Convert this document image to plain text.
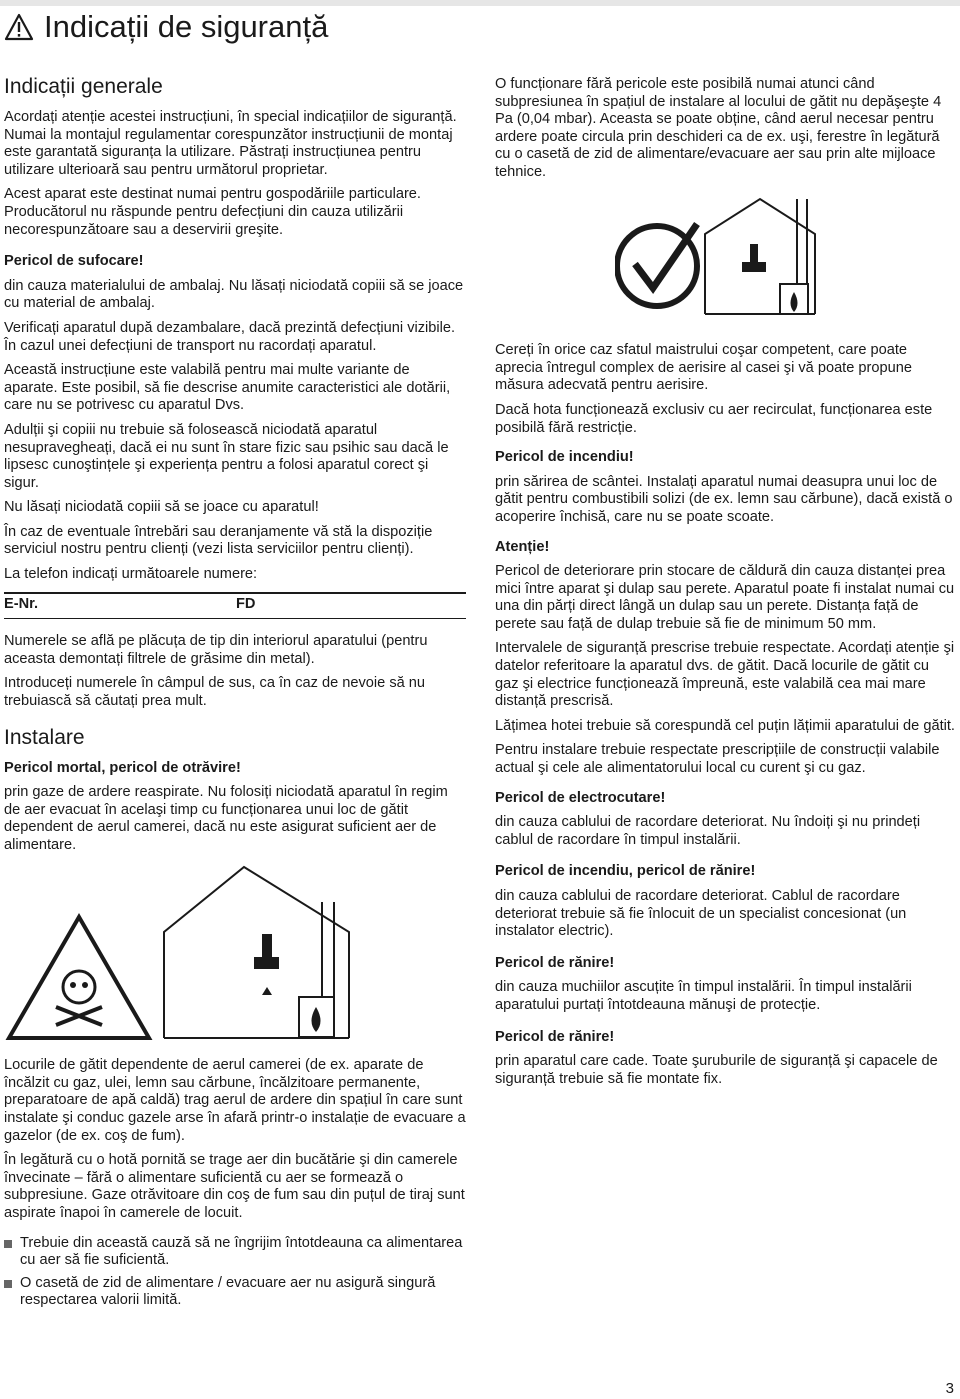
Indicații de siguranță
Indicații generale

Acordați atenție acestei instrucțiuni, în special indicațiilor de siguranță. Numai la montajul regulamentar corespunzător instrucțiunii de montaj este garantată siguranța la utilizare. Păstrați instrucțiunea pentru utilizare ulterioară sau pentru următorul proprietar.

Acest aparat este destinat numai pentru gospodăriile particulare. Producătorul nu răspunde pentru defecțiuni din cauza utilizării necorespunzătoare sau a deservirii greşite.

Pericol de sufocare!

din cauza materialului de ambalaj. Nu lăsați niciodată copiii să se joace cu material de ambalaj.

Verificați aparatul după dezambalare, dacă prezintă defecțiuni vizibile. În cazul unei defecțiuni de transport nu racordați aparatul.

Această instrucțiune este valabilă pentru mai multe variante de aparate. Este posibil, să fie descrise anumite caracteristici ale dotării, care nu se potrivesc cu aparatul Dvs.

Adulții şi copiii nu trebuie să folosească niciodată aparatul nesupravegheați, dacă ei nu sunt în stare fizic sau psihic sau dacă le lipsesc cunoştințele şi experiența pentru a folosi aparatul corect şi sigur.

Nu lăsați niciodată copiii să se joace cu aparatul!

În caz de eventuale întrebări sau deranjamente vă stă la dispoziție serviciul nostru pentru clienți (vezi lista serviciilor pentru clienți).

La telefon indicați următoarele numere:

E-Nr.	FD

Numerele se află pe plăcuța de tip din interiorul aparatului (pentru aceasta demontați filtrele de grăsime din metal).

Introduceți numerele în câmpul de sus, ca în caz de nevoie să nu trebuiască să căutați prea mult.

Instalare
Pericol mortal, pericol de otrăvire!

prin gaze de ardere reaspirate. Nu folosiți niciodată aparatul în regim de aer evacuat în acelaşi timp cu funcționarea unui loc de gătit dependent de aerul camerei, dacă nu este asigurat suficient aer de alimentare.

Locurile de gătit dependente de aerul camerei (de ex. aparate de încălzit cu gaz, ulei, lemn sau cărbune, încălzitoare permanente, preparatoare de apă caldă) trag aerul de ardere din spațiul în care sunt instalate şi conduc gazele arse în afară printr-o instalație de evacuare a gazelor (de ex. coş de fum).

În legătură cu o hotă pornită se trage aer din bucătărie şi din camerele învecinate – fără o alimentare suficientă cu aer se formează o subpresiune. Gaze otrăvitoare din coş de fum sau din puțul de tiraj sunt aspirate înapoi în camerele de locuit.

Trebuie din această cauză să ne îngrijim întotdeauna ca alimentarea cu aer să fie suficientă.
O casetă de zid de alimentare / evacuare aer nu asigură singură respectarea valorii limită.

O funcționare fără pericole este posibilă numai atunci când subpresiunea în spațiul de instalare al locului de gătit nu depăşeşte 4 Pa (0,04 mbar). Aceasta se poate obține, când aerul necesar pentru ardere poate circula prin deschideri ca de ex. uşi, ferestre în legătură cu o casetă de zid de alimentare/evacuare aer sau prin alte mijloace tehnice.

Cereți în orice caz sfatul maistrului coşar competent, care poate aprecia întregul complex de aerisire al casei şi vă poate propune măsura adecvată pentru aerisire.

Dacă hota funcționează exclusiv cu aer recirculat, funcționarea este posibilă fără restricție.

Pericol de incendiu!

prin sărirea de scântei. Instalați aparatul numai deasupra unui loc de gătit pentru combustibili solizi (de ex. lemn sau cărbune), dacă există o acoperire închisă, care nu se poate scoate.

Atenție!

Pericol de deteriorare prin stocare de căldură din cauza distanței prea mici între aparat şi dulap sau perete. Aparatul poate fi instalat numai cu una din părți direct lângă un dulap sau un perete. Distanța față de perete sau față de dulap trebuie să fie de minimum 50 mm.

Intervalele de siguranță prescrise trebuie respectate. Acordați atenție şi datelor referitoare la aparatul dvs. de gătit. Dacă locurile de gătit cu gaz şi electrice funcționează împreună, este valabilă cea mai mare distanță prescrisă.

Lățimea hotei trebuie să corespundă cel puțin lățimii aparatului de gătit.

Pentru instalare trebuie respectate prescripțiile de construcții valabile actual şi cele ale alimentatorului local cu curent şi cu gaz.

Pericol de electrocutare!

din cauza cablului de racordare deteriorat. Nu îndoiți şi nu prindeți cablul de racordare în timpul instalării.

Pericol de incendiu, pericol de rănire!

din cauza cablului de racordare deteriorat. Cablul de racordare deteriorat trebuie să fie înlocuit de un specialist concesionat (un instalator electric).

Pericol de rănire!

din cauza muchiilor ascuțite în timpul instalării. În timpul instalării aparatului purtați întotdeauna mănuşi de protecție.

Pericol de rănire!

prin aparatul care cade. Toate şuruburile de siguranță şi capacele de siguranță trebuie să fie montate fix.

3
